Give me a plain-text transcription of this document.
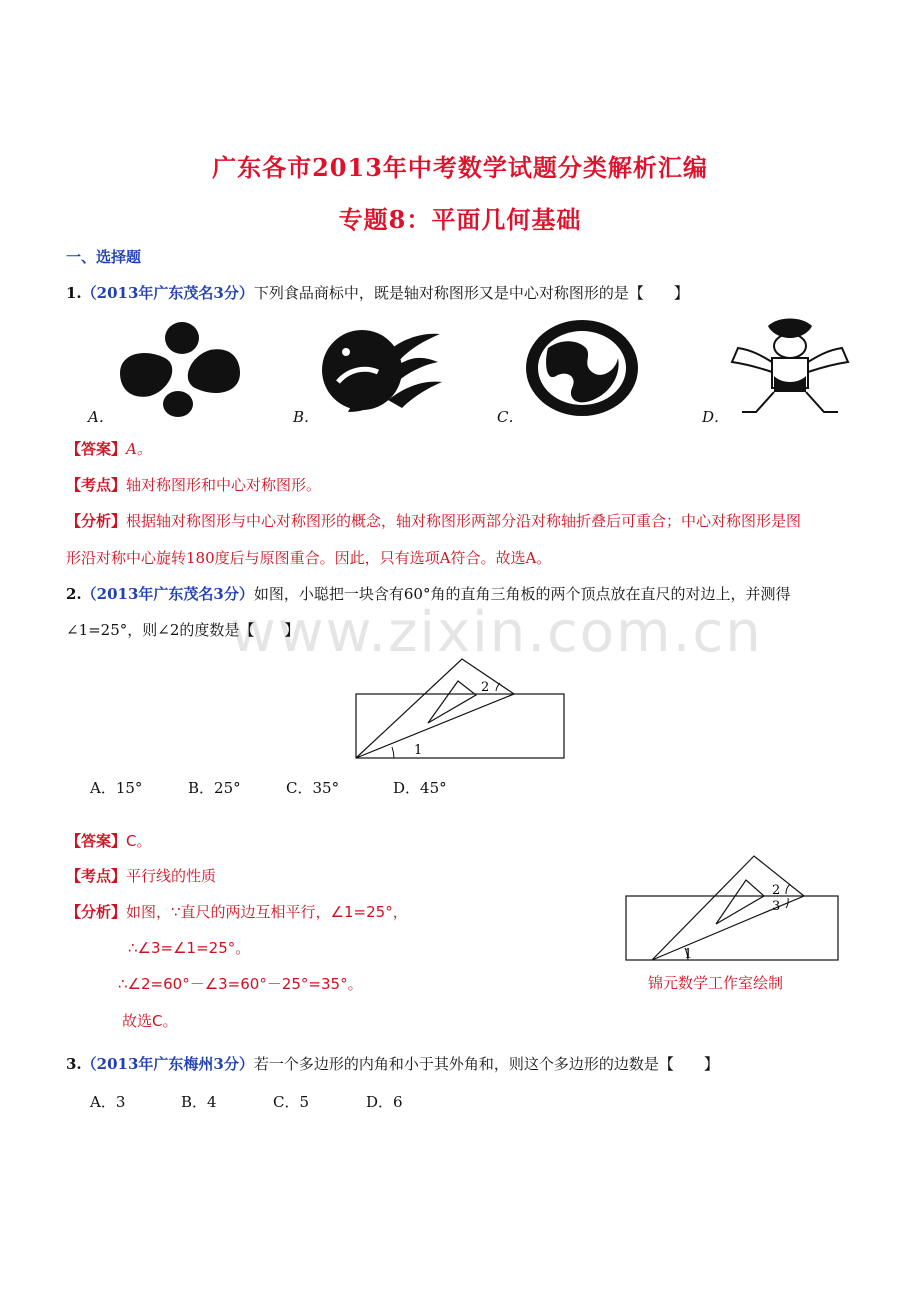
www.zixin.com.cn
广东各市2013年中考数学试题分类解析汇编
专题8：平面几何基础
一、选择题
1.（2013年广东茂名3分）下列食品商标中，既是轴对称图形又是中心对称图形的是【　　】
A．	B．	C．	D．
【答案】A。
【考点】轴对称图形和中心对称图形。
【分析】根据轴对称图形与中心对称图形的概念，轴对称图形两部分沿对称轴折叠后可重合；中心对称图形是图
形沿对称中心旋转180度后与原图重合。因此，只有选项A符合。故选A。
2.（2013年广东茂名3分）如图，小聪把一块含有60°角的直角三角板的两个顶点放在直尺的对边上，并测得
∠1=25°，则∠2的度数是【　　】
1
2
A．15°	B．25°	C．35°	D．45°
【答案】C。
【考点】平行线的性质
【分析】如图，∵直尺的两边互相平行，∠1=25°，
∴∠3=∠1=25°。
∴∠2=60°－∠3=60°－25°=35°。
故选C。
1
2
3
锦元数学工作室绘制
3.（2013年广东梅州3分）若一个多边形的内角和小于其外角和，则这个多边形的边数是【　　】
A．3	B．4	C．5	D．6
